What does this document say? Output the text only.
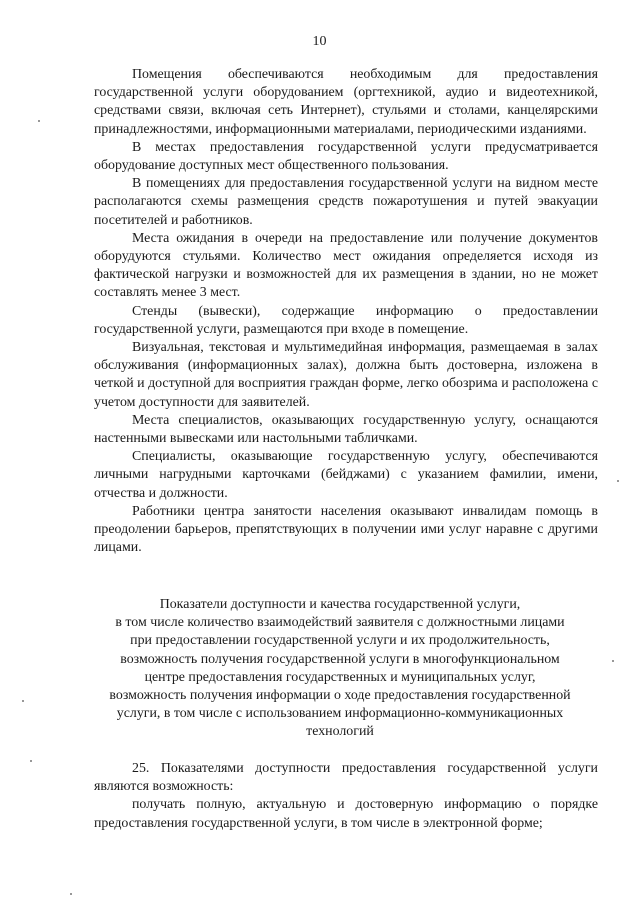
10

Помещения обеспечиваются необходимым для предоставления государственной услуги оборудованием (оргтехникой, аудио и видеотехникой, средствами связи, включая сеть Интернет), стульями и столами, канцелярскими принадлежностями, информационными материалами, периодическими изданиями.

В местах предоставления государственной услуги предусматривается оборудование доступных мест общественного пользования.

В помещениях для предоставления государственной услуги на видном месте располагаются схемы размещения средств пожаротушения и путей эвакуации посетителей и работников.

Места ожидания в очереди на предоставление или получение документов оборудуются стульями. Количество мест ожидания определяется исходя из фактической нагрузки и возможностей для их размещения в здании, но не может составлять менее 3 мест.

Стенды (вывески), содержащие информацию о предоставлении государственной услуги, размещаются при входе в помещение.

Визуальная, текстовая и мультимедийная информация, размещаемая в залах обслуживания (информационных залах), должна быть достоверна, изложена в четкой и доступной для восприятия граждан форме, легко обозрима и расположена с учетом доступности для заявителей.

Места специалистов, оказывающих государственную услугу, оснащаются настенными вывесками или настольными табличками.

Специалисты, оказывающие государственную услугу, обеспечиваются личными нагрудными карточками (бейджами) с указанием фамилии, имени, отчества и должности.

Работники центра занятости населения оказывают инвалидам помощь в преодолении барьеров, препятствующих в получении ими услуг наравне с другими лицами.

Показатели доступности и качества государственной услуги,
в том числе количество взаимодействий заявителя с должностными лицами
при предоставлении государственной услуги и их продолжительность,
возможность получения государственной услуги в многофункциональном
центре предоставления государственных и муниципальных услуг,
возможность получения информации о ходе предоставления государственной
услуги, в том числе с использованием информационно-коммуникационных
технологий

25. Показателями доступности предоставления государственной услуги являются возможность:

получать полную, актуальную и достоверную информацию о порядке предоставления государственной услуги, в том числе в электронной форме;
